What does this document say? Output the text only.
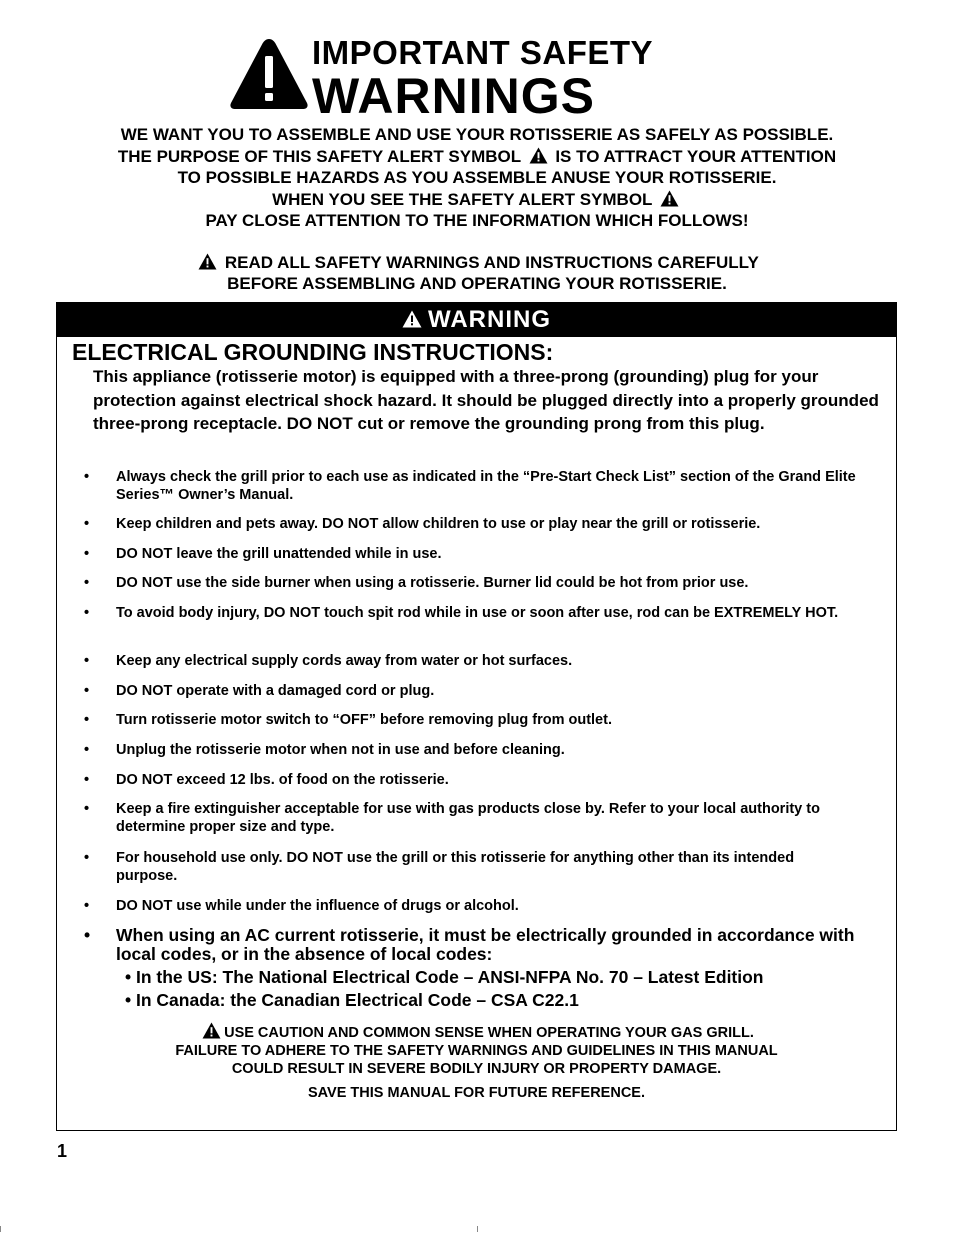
IMPORTANT SAFETY
WARNINGS
WE WANT YOU TO ASSEMBLE AND USE YOUR ROTISSERIE AS SAFELY AS POSSIBLE.
THE PURPOSE OF THIS SAFETY ALERT SYMBOL IS TO ATTRACT YOUR ATTENTION
TO POSSIBLE HAZARDS AS YOU ASSEMBLE ANUSE YOUR ROTISSERIE.
WHEN YOU SEE THE SAFETY ALERT SYMBOL
PAY CLOSE ATTENTION TO THE INFORMATION WHICH FOLLOWS!
READ ALL SAFETY WARNINGS AND INSTRUCTIONS CAREFULLY
BEFORE ASSEMBLING AND OPERATING YOUR ROTISSERIE.
WARNING
ELECTRICAL GROUNDING INSTRUCTIONS:
This appliance (rotisserie motor) is equipped with a three-prong (grounding) plug for your protection against electrical shock hazard. It should be plugged directly into a properly grounded three-prong receptacle. DO NOT cut or remove the grounding prong from this plug.
• Always check the grill prior to each use as indicated in the “Pre-Start Check List” section of the Grand Elite Series™ Owner’s Manual.
• Keep children and pets away. DO NOT allow children to use or play near the grill or rotisserie.
• DO NOT leave the grill unattended while in use.
• DO NOT use the side burner when using a rotisserie. Burner lid could be hot from prior use.
• To avoid body injury, DO NOT touch spit rod while in use or soon after use, rod can be EXTREMELY HOT.
• Keep any electrical supply cords away from water or hot surfaces.
• DO NOT operate with a damaged cord or plug.
• Turn rotisserie motor switch to “OFF” before removing plug from outlet.
• Unplug the rotisserie motor when not in use and before cleaning.
• DO NOT exceed 12 lbs. of food on the rotisserie.
• Keep a fire extinguisher acceptable for use with gas products close by. Refer to your local authority to determine proper size and type.
• For household use only. DO NOT use the grill or this rotisserie for anything other than its intended purpose.
• DO NOT use while under the influence of drugs or alcohol.
• When using an AC current rotisserie, it must be electrically grounded in accordance with local codes, or in the absence of local codes:
• In the US: The National Electrical Code – ANSI-NFPA No. 70 – Latest Edition
• In Canada: the Canadian Electrical Code – CSA C22.1
USE CAUTION AND COMMON SENSE WHEN OPERATING YOUR GAS GRILL.
FAILURE TO ADHERE TO THE SAFETY WARNINGS AND GUIDELINES IN THIS MANUAL
COULD RESULT IN SEVERE BODILY INJURY OR PROPERTY DAMAGE.
SAVE THIS MANUAL FOR FUTURE REFERENCE.
1
